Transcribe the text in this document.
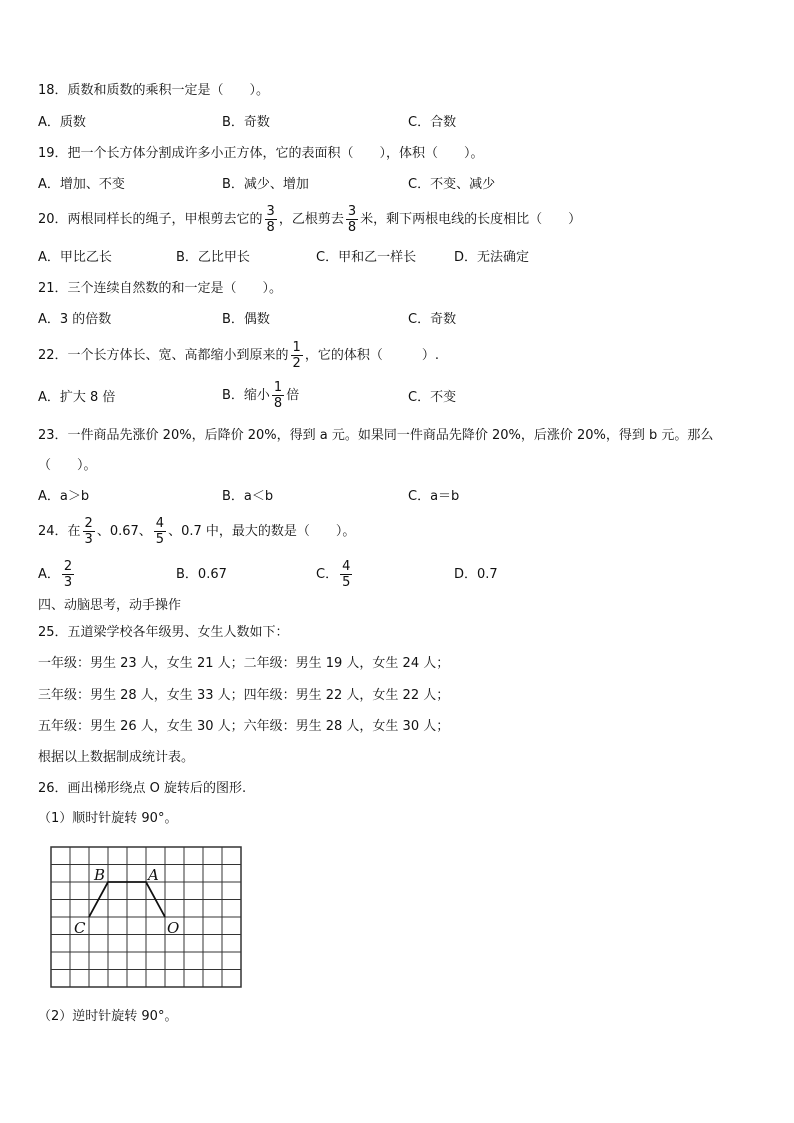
18．质数和质数的乘积一定是（　　）。
A．质数	B．奇数	C．合数
19．把一个长方体分割成许多小正方体，它的表面积（　　），体积（　　）。
A．增加、不变	B．减少、增加	C．不变、减少
20．两根同样长的绳子，甲根剪去它的 $\frac{3}{8}$ ，乙根剪去 $\frac{3}{8}$ 米，剩下两根电线的长度相比（　　）
A．甲比乙长	B．乙比甲长	C．甲和乙一样长	D．无法确定
21．三个连续自然数的和一定是（　　）。
A．3 的倍数	B．偶数	C．奇数
22．一个长方体长、宽、高都缩小到原来的 $\frac{1}{2}$ ，它的体积（　　　）.
A．扩大 8 倍	B．缩小 $\frac{1}{8}$ 倍	C．不变
23．一件商品先涨价 20%，后降价 20%，得到 a 元。如果同一件商品先降价 20%，后涨价 20%，得到 b 元。那么
（　　）。
A．a＞b	B．a＜b	C．a＝b
24．在 $\frac{2}{3}$ 、0.67、 $\frac{4}{5}$ 、0.7 中，最大的数是（　　）。
A． $\frac{2}{3}$	B．0.67	C． $\frac{4}{5}$	D．0.7
四、动脑思考，动手操作
25．五道梁学校各年级男、女生人数如下：
一年级：男生 23 人，女生 21 人；二年级：男生 19 人，女生 24 人；
三年级：男生 28 人，女生 33 人；四年级：男生 22 人，女生 22 人；
五年级：男生 26 人，女生 30 人；六年级：男生 28 人，女生 30 人；
根据以上数据制成统计表。
26．画出梯形绕点 O 旋转后的图形.
（1）顺时针旋转 90°。
B	A
C	O
（2）逆时针旋转 90°。
